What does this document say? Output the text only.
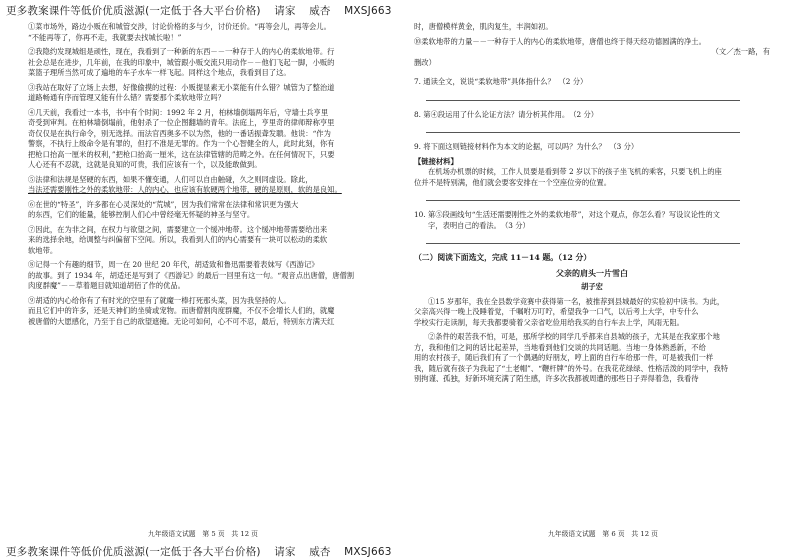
更多教案课件等低价优质滋源(一定低于各大平台价格) 请家 威杏 MXSJ663

①菜市场外，路边小贩在和城管交涉，讨论价格的多与少，讨价还价。“再等会儿，再等会儿。

“不能再等了，你再不走，我就要去找城长啦！”

②我隐约发现城组是顽性，现在，我看到了一种新的东西－－一种存于人的内心的柔软地带。行

社会总是在进步，几年前，在我的印象中，城管跟小贩交流只用动作－－他们飞起一脚，小贩的

菜篮子理所当然可成了遍地的车子水车一样飞起。同样这个地点，我看到目了这。

③我站在取好了立场上去想，好像偷摸的过程：小贩提显素无小菜能有什么错？城管为了整治道

道路畅通有序而管理又能有什么错？需要那个柔软地带立吗？

④几天前，我看过一本书，书中有个时间：1992 年 2 月，柏林墙倒塌两年后，守墙士兵亨里

奇受到审判。在柏林墙倒塌前，他射杀了一位企图翻墙的青年。法庭上，亨里奇的律师辩称亨里

奇仅仅是在执行命令，别无选择。而法官西奥多不以为然，他的一番话振聋发聩。他说：“作为

警察，不执行上级命令是有罪的，但打不准是无罪的。作为一个心智健全的人，此时此刻，你有

把枪口抬高一厘米的权利，”把枪口抬高一厘米，这在法律管辖的范畴之外。在任何情况下，只要

人心还有不忍就，这就是良知的可贵，我们应该有一个，以及能敢做到。

⑤法律和法规是坚硬的东西，如果不懂变通，人们可以自由触碰，久之则同虚设。除此，

当法还需要刚性之外的柔软地带：人的内心，也应该有软硬两个地带，硬的是原则，软的是良知。

⑥在世的“特圣”，许多都在心灵深处的“荒城”，因为我们常常在法律和常识更为强大

的东西，它们的能量，能够控制人们心中曾经毫无怀疑的神圣与坚守。

⑦因此，在为非之间，在权力与欲望之间，需要建立一个缓冲地带。这个缓冲地带需要给出来

来的选择余地，给调整与纠偏留下空间。所以，我看到人们的内心需要有一块可以松动的柔软

软地带。

⑧记得一个有趣的细节，周一在 20 世纪 20 年代，胡适致和鲁迅需要着表妹写《西游记》

的故事。到了 1934 年，胡适还是写到了《西游记》的最后一回里有这一句。“观音点出唐僧，唐僧割

肉度群魔”－－草着题目就知道胡佰了作的优品。

⑨胡适的内心给你有了有时光的空里有了就魔一棒打死那头菜，因为我坚持的人。

而且它们中的许多，还是天神们的坐骑或宠物。而唐僧割肉度群魔，不仅不会增长人们的，就魔

被唐僧的大愿感化，乃至于自己的欲望遮掩。无论可如何，心不可不忍，最后，特别东方满天红

时，唐僧模样黄金，肌肉复生，丰润如初。

⑩柔软地带的力量－－一种存于人的内心的柔软地带，唐僧也终于得天经功德圆满的净土。

（文／杰一路，有

删改）

7. 通读全文，说说“柔软地带”具体指什么？　（2 分）

8. 第④段运用了什么论证方法？请分析其作用。　（2 分）

9. 将下面这则链接材料作为本文的论据，可以吗？为什么？　（3 分）

【链接材料】

在机场办机票的时候，工作人员要是看到带 2 岁以下的孩子坐飞机的乘客，只要飞机上的座

位并不是特别满，他们就会要客安排在一个空座位旁的位置。

10. 第⑤段画线句“生活还需要刚性之外的柔软地带”，对这个观点，你怎么看？写设议论性的文

字，表明自己的看法。　（3 分）

（二）阅读下面选文，完成 11－14 题。（12 分）

父亲的肩头一片雪白

胡子宏

①15 岁那年，我在全县数学竞赛中获得第一名，被推荐到县城最好的实验初中读书。为此，

父亲高兴得一晚上没睡着觉，千嘱咐万叮咛，希望我争一口气，以后考上大学，中专什么

学校实行走读制，每天我都要骑着父亲省吃俭用给我买的自行车去上学，风雨无阻。

②条件的艰苦我不怕，可是，那所学校的同学几乎都来自县城的孩子，尤其是在我家那个地

方，我和他们之间的话比起差异，当地看到他们交谈的共同话题。当地一身体熟悉新，不给

用的农村孩子，随后我们有了一个偶遇的好朋友，哼上面的自行车给那一件，可是被我们一样

我，随后就有孩子为我起了“土老帽”、“鞭杆牌”的外号。在我花花绿绿、性格活泼的同学中，我特

别拘谨、孤独，好新环境充满了陌生感，许多次我都被周遭的那些日子弄得着急，我看待

九年级语文试题　第 5 页　共 12 页	九年级语文试题　第 6 页　共 12 页
更多教案课件等低价优质滋源(一定低于各大平台价格) 请家 威杏 MXSJ663
